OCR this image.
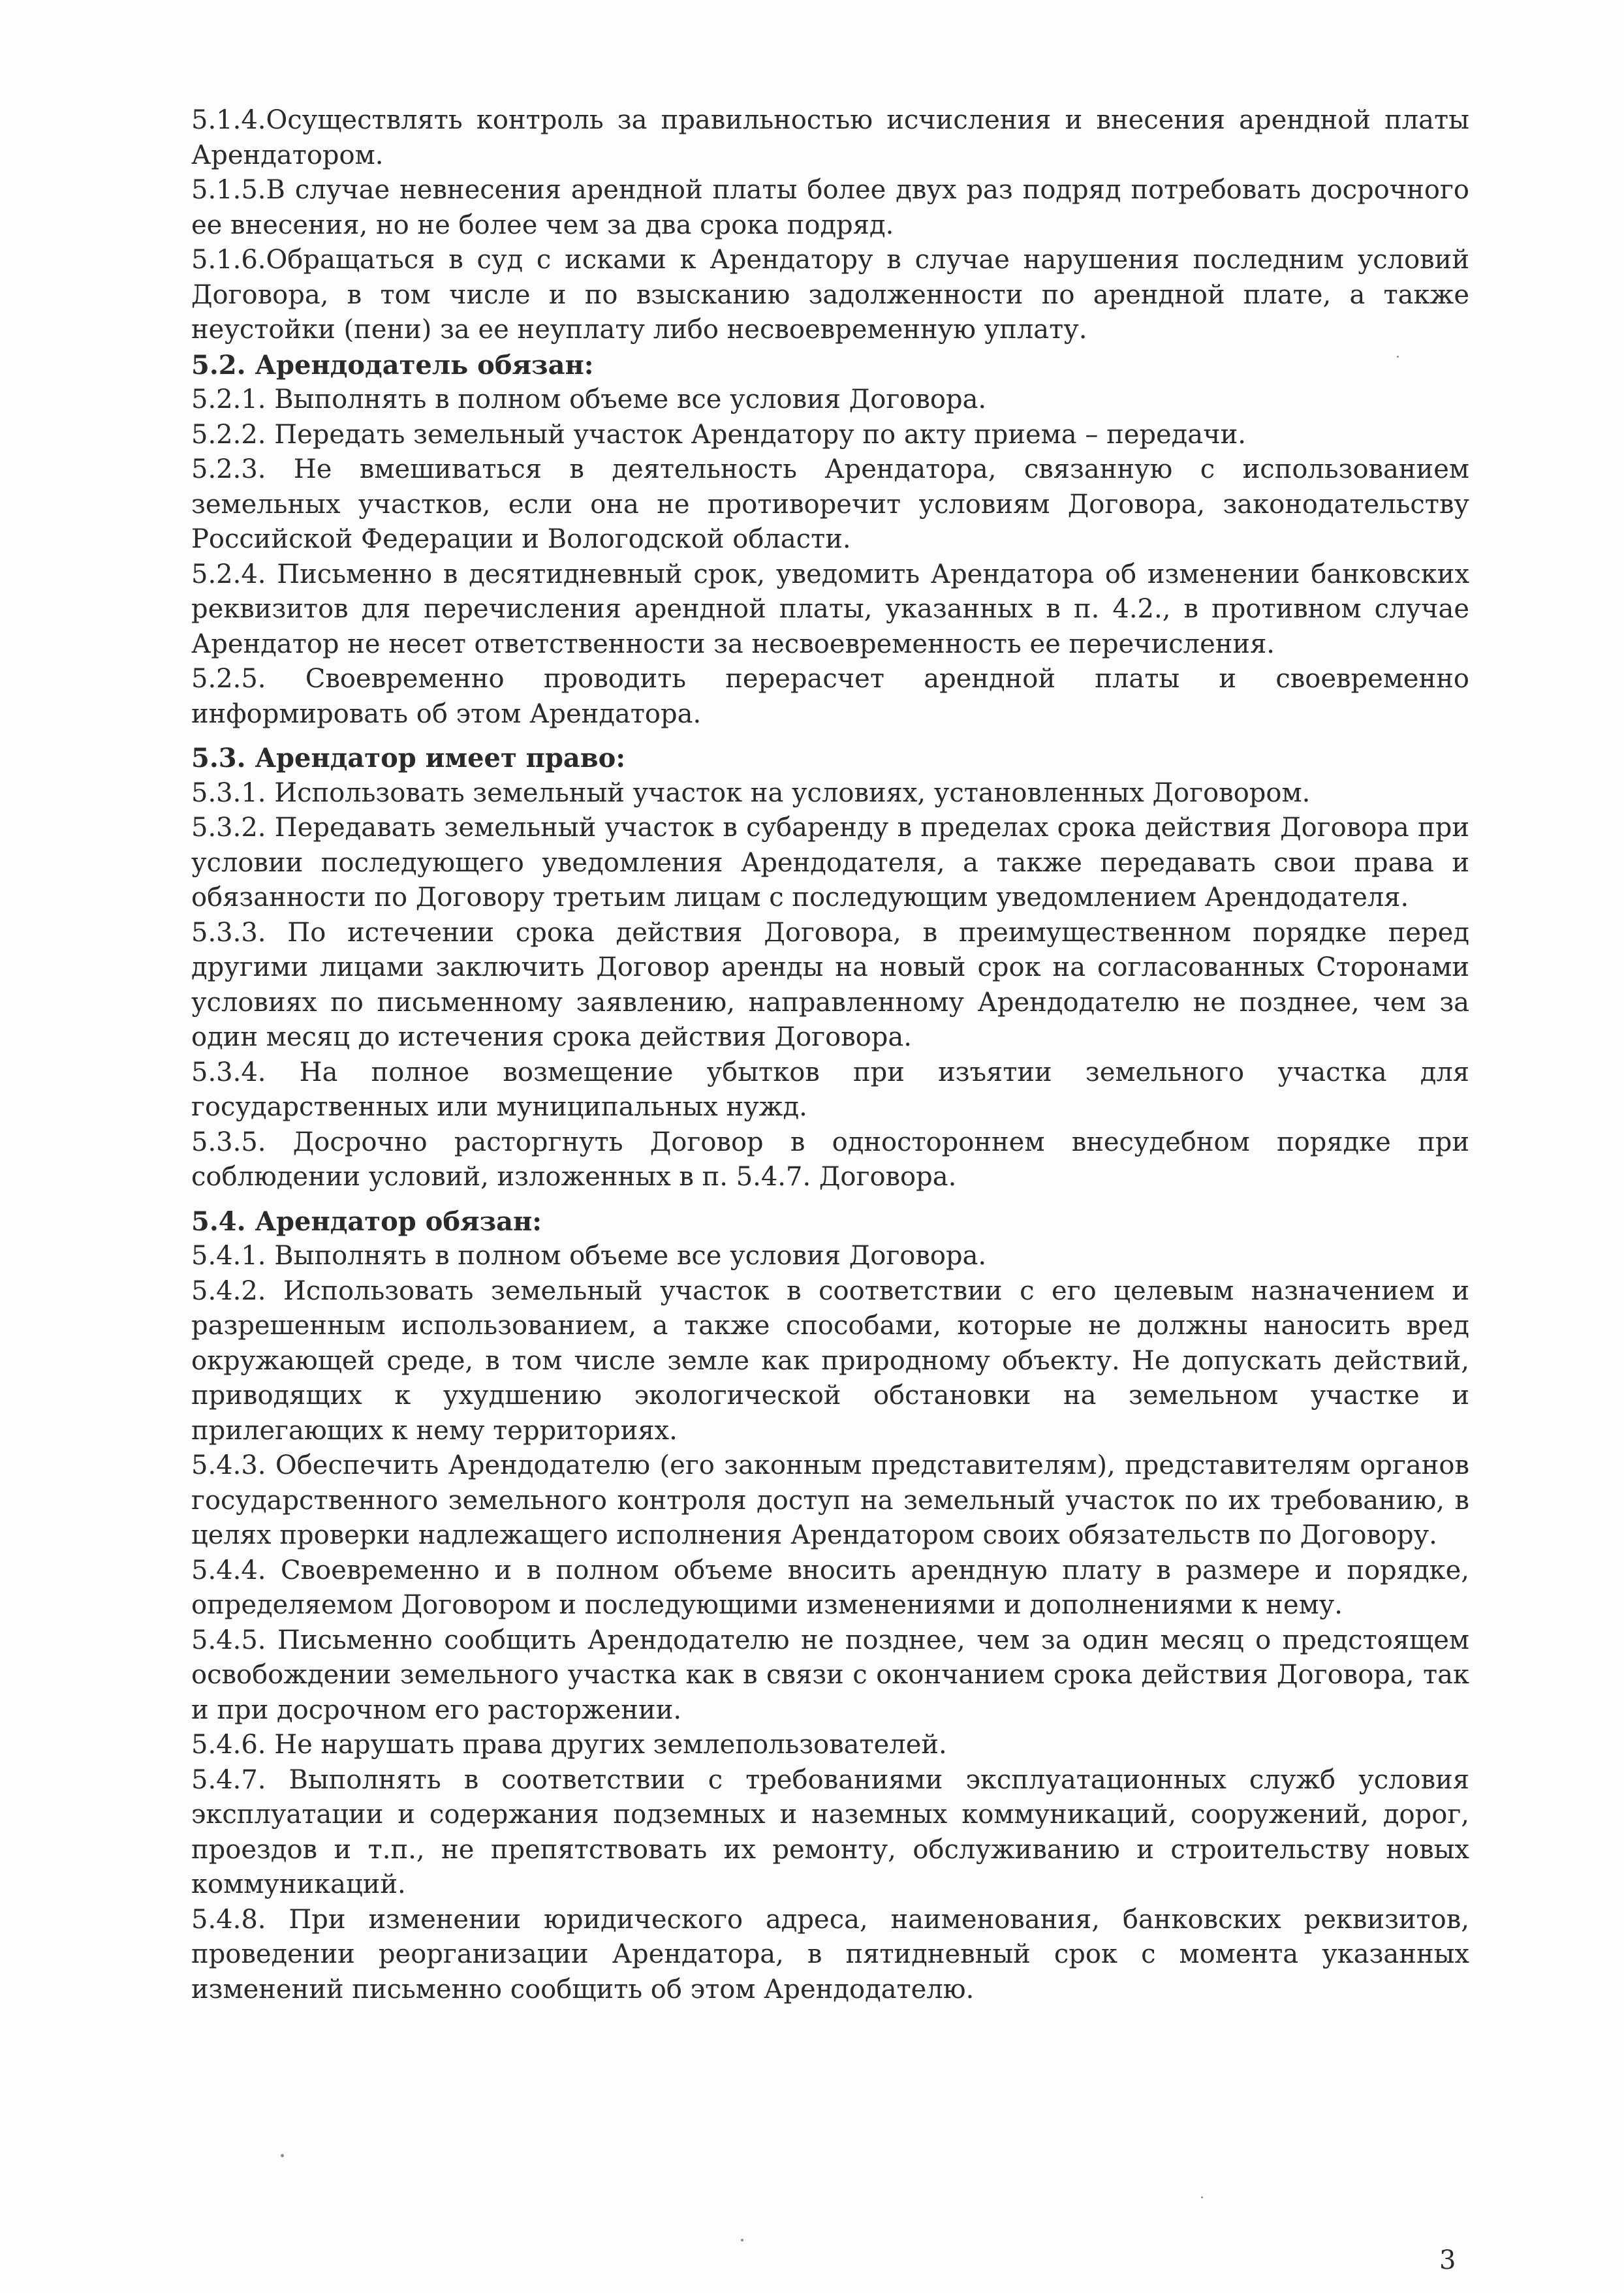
5.1.4.Осуществлять контроль за правильностью исчисления и внесения арендной платы Арендатором.

5.1.5.В случае невнесения арендной платы более двух раз подряд потребовать досрочного ее внесения, но не более чем за два срока подряд.

5.1.6.Обращаться в суд с исками к Арендатору в случае нарушения последним условий Договора, в том числе и по взысканию задолженности по арендной плате, а также неустойки (пени) за ее неуплату либо несвоевременную уплату.

5.2. Арендодатель обязан:

5.2.1. Выполнять в полном объеме все условия Договора.

5.2.2. Передать земельный участок Арендатору по акту приема – передачи.

5.2.3. Не вмешиваться в деятельность Арендатора, связанную с использованием земельных участков, если она не противоречит условиям Договора, законодательству Российской Федерации и Вологодской области.

5.2.4. Письменно в десятидневный срок, уведомить Арендатора об изменении банковских реквизитов для перечисления арендной платы, указанных в п. 4.2., в противном случае Арендатор не несет ответственности за несвоевременность ее перечисления.

5.2.5. Своевременно проводить перерасчет арендной платы и своевременно информировать об этом Арендатора.

5.3. Арендатор имеет право:

5.3.1. Использовать земельный участок на условиях, установленных Договором.

5.3.2. Передавать земельный участок в субаренду в пределах срока действия Договора при условии последующего уведомления Арендодателя, а также передавать свои права и обязанности по Договору третьим лицам с последующим уведомлением Арендодателя.

5.3.3. По истечении срока действия Договора, в преимущественном порядке перед другими лицами заключить Договор аренды на новый срок на согласованных Сторонами условиях по письменному заявлению, направленному Арендодателю не позднее, чем за один месяц до истечения срока действия Договора.

5.3.4. На полное возмещение убытков при изъятии земельного участка для государственных или муниципальных нужд.

5.3.5. Досрочно расторгнуть Договор в одностороннем внесудебном порядке при соблюдении условий, изложенных в п. 5.4.7. Договора.

5.4. Арендатор обязан:

5.4.1. Выполнять в полном объеме все условия Договора.

5.4.2. Использовать земельный участок в соответствии с его целевым назначением и разрешенным использованием, а также способами, которые не должны наносить вред окружающей среде, в том числе земле как природному объекту. Не допускать действий, приводящих к ухудшению экологической обстановки на земельном участке и прилегающих к нему территориях.

5.4.3. Обеспечить Арендодателю (его законным представителям), представителям органов государственного земельного контроля доступ на земельный участок по их требованию, в целях проверки надлежащего исполнения Арендатором своих обязательств по Договору.

5.4.4. Своевременно и в полном объеме вносить арендную плату в размере и порядке, определяемом Договором и последующими изменениями и дополнениями к нему.

5.4.5. Письменно сообщить Арендодателю не позднее, чем за один месяц о предстоящем освобождении земельного участка как в связи с окончанием срока действия Договора, так и при досрочном его расторжении.

5.4.6. Не нарушать права других землепользователей.

5.4.7. Выполнять в соответствии с требованиями эксплуатационных служб условия эксплуатации и содержания подземных и наземных коммуникаций, сооружений, дорог, проездов и т.п., не препятствовать их ремонту, обслуживанию и строительству новых коммуникаций.

5.4.8. При изменении юридического адреса, наименования, банковских реквизитов, проведении реорганизации Арендатора, в пятидневный срок с момента указанных изменений письменно сообщить об этом Арендодателю.

3
